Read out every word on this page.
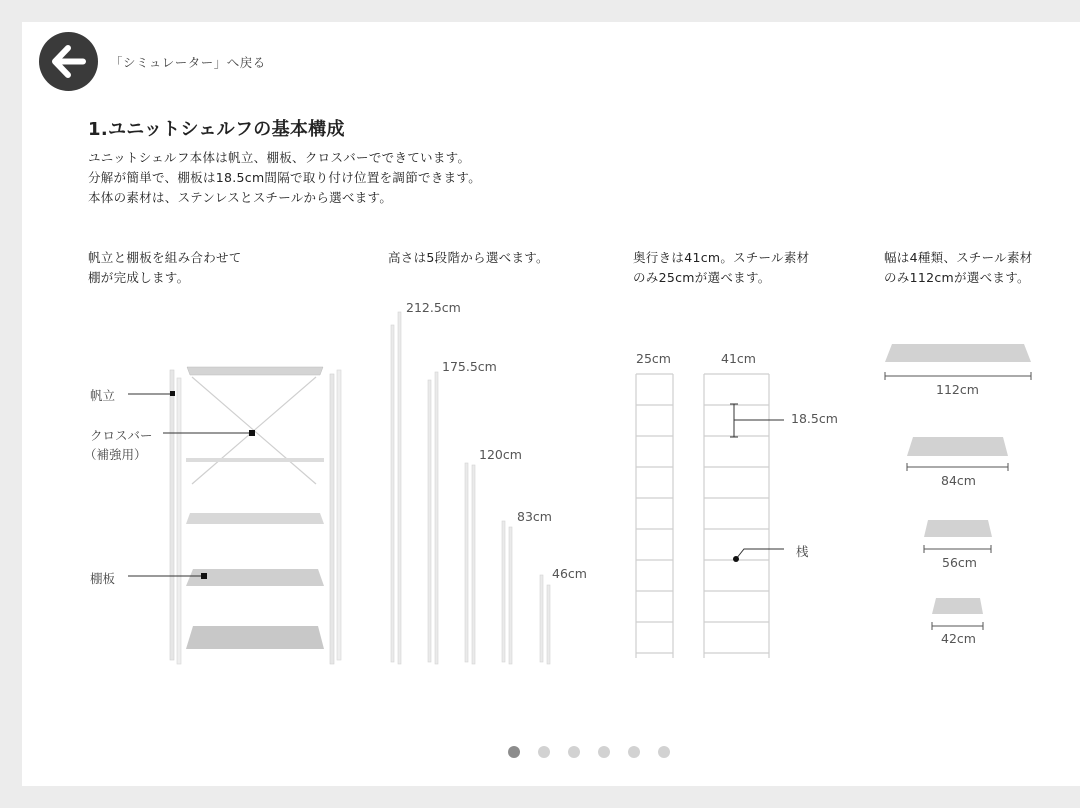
「シミュレーター」へ戻る
1.ユニットシェルフの基本構成
ユニットシェルフ本体は帆立、棚板、クロスバーでできています。
分解が簡単で、棚板は18.5cm間隔で取り付け位置を調節できます。
本体の素材は、ステンレスとスチールから選べます。
帆立と棚板を組み合わせて
棚が完成します。
高さは5段階から選べます。	奥行きは41cm。スチール素材
のみ25cmが選べます。
幅は4種類、スチール素材
のみ112cmが選べます。
帆立
クロスバー
（補強用）
棚板
212.5cm
175.5cm
120cm
83cm
46cm
25cm	41cm
18.5cm
桟
112cm
84cm
56cm
42cm
